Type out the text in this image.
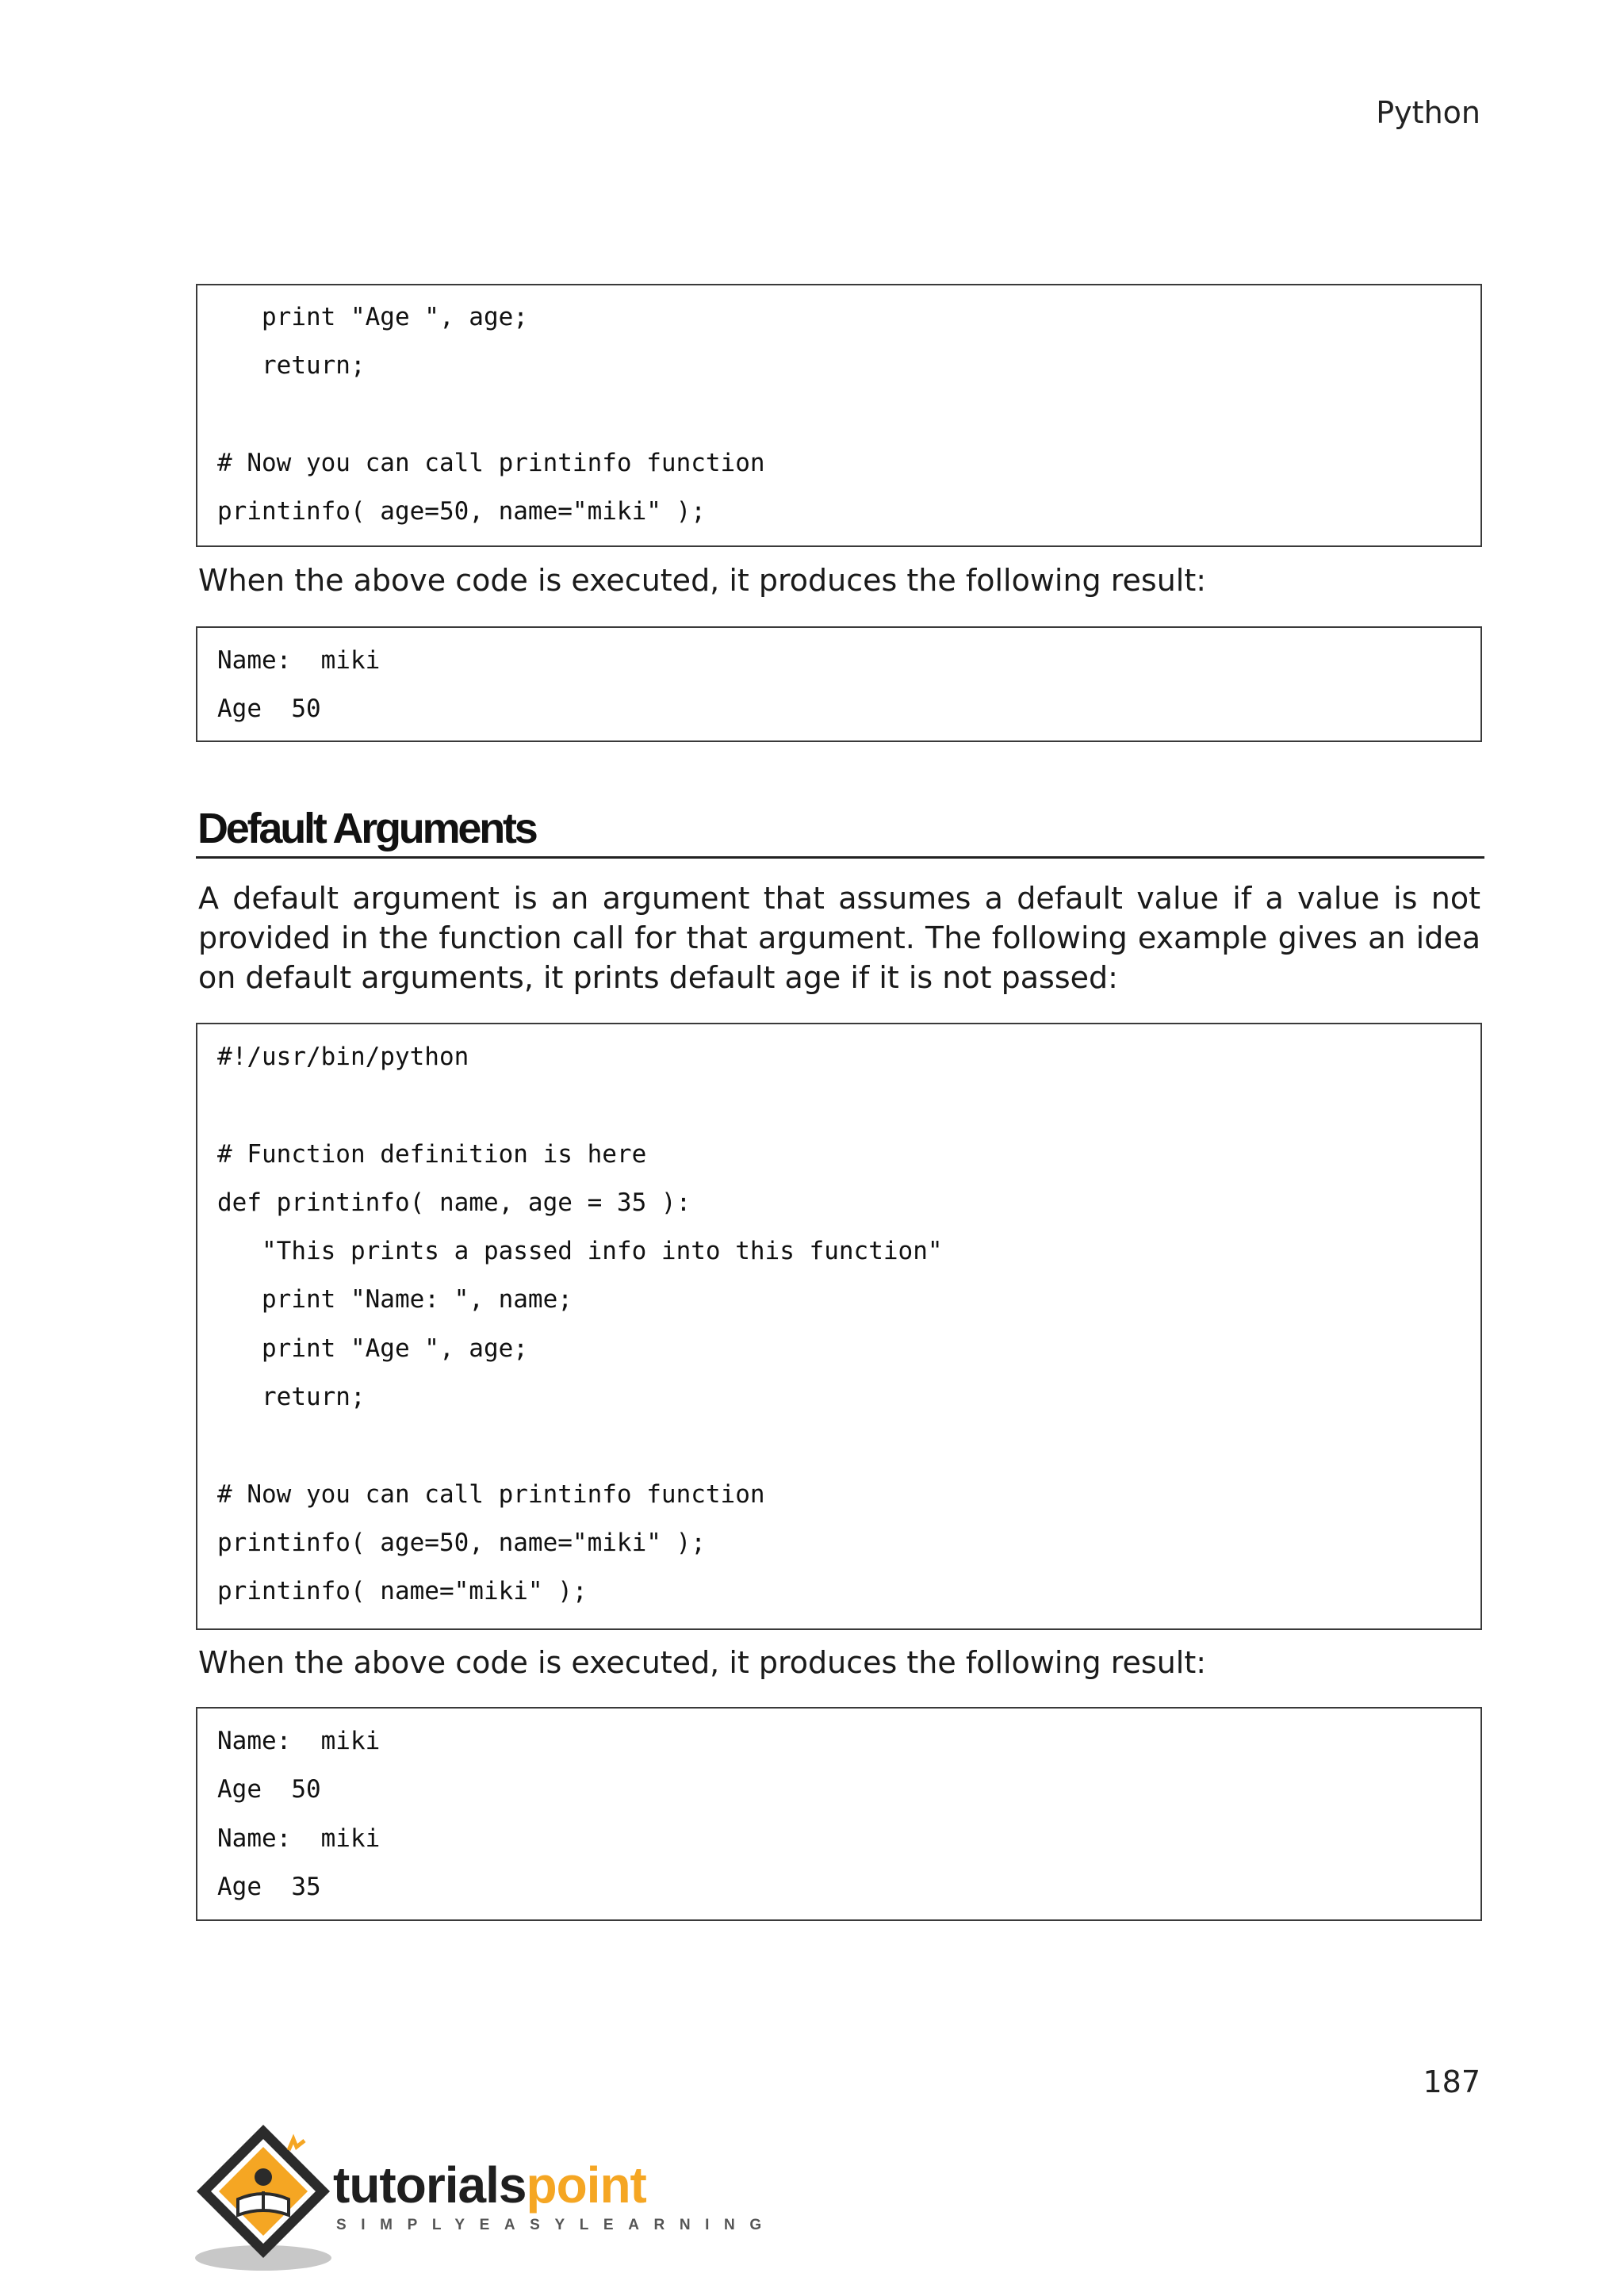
Python
print "Age ", age;
return;

# Now you can call printinfo function
printinfo( age=50, name="miki" );

When the above code is executed, it produces the following result:

Name:  miki
Age  50
Default Arguments

A default argument is an argument that assumes a default value if a value is not provided in the function call for that argument. The following example gives an idea on default arguments, it prints default age if it is not passed:

#!/usr/bin/python

# Function definition is here
def printinfo( name, age = 35 ):
"This prints a passed info into this function"
print "Name: ", name;
print "Age ", age;
return;

# Now you can call printinfo function
printinfo( age=50, name="miki" );
printinfo( name="miki" );

When the above code is executed, it produces the following result:

Name:  miki
Age  50
Name:  miki
Age  35
187
tutorialspoint
SIMPLYEASYLEARNING
